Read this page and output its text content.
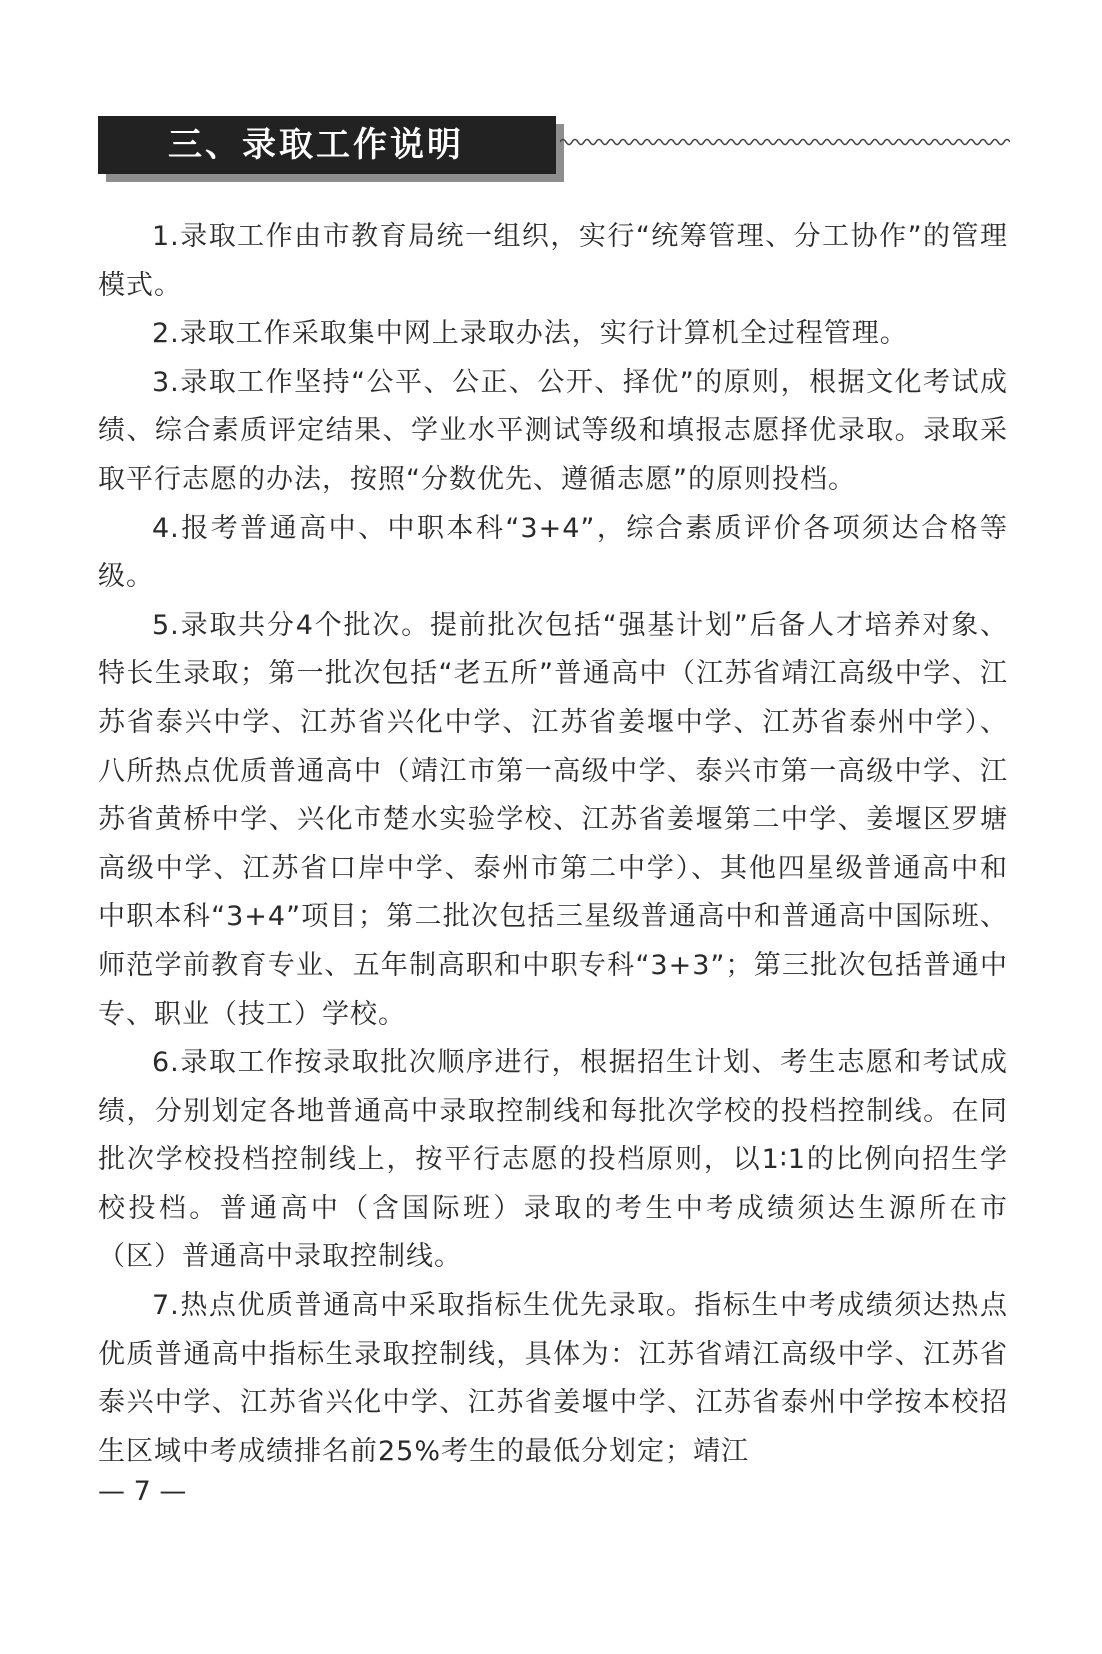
三、录取工作说明

1.录取工作由市教育局统一组织，实行“统筹管理、分工协作”的管理模式。

2.录取工作采取集中网上录取办法，实行计算机全过程管理。

3.录取工作坚持“公平、公正、公开、择优”的原则，根据文化考试成绩、综合素质评定结果、学业水平测试等级和填报志愿择优录取。录取采取平行志愿的办法，按照“分数优先、遵循志愿”的原则投档。

4.报考普通高中、中职本科“3+4”，综合素质评价各项须达合格等级。

5.录取共分4个批次。提前批次包括“强基计划”后备人才培养对象、特长生录取；第一批次包括“老五所”普通高中（江苏省靖江高级中学、江苏省泰兴中学、江苏省兴化中学、江苏省姜堰中学、江苏省泰州中学）、八所热点优质普通高中（靖江市第一高级中学、泰兴市第一高级中学、江苏省黄桥中学、兴化市楚水实验学校、江苏省姜堰第二中学、姜堰区罗塘高级中学、江苏省口岸中学、泰州市第二中学）、其他四星级普通高中和中职本科“3+4”项目；第二批次包括三星级普通高中和普通高中国际班、师范学前教育专业、五年制高职和中职专科“3+3”；第三批次包括普通中专、职业（技工）学校。

6.录取工作按录取批次顺序进行，根据招生计划、考生志愿和考试成绩，分别划定各地普通高中录取控制线和每批次学校的投档控制线。在同批次学校投档控制线上，按平行志愿的投档原则，以1∶1的比例向招生学校投档。普通高中（含国际班）录取的考生中考成绩须达生源所在市（区）普通高中录取控制线。

7.热点优质普通高中采取指标生优先录取。指标生中考成绩须达热点优质普通高中指标生录取控制线，具体为：江苏省靖江高级中学、江苏省泰兴中学、江苏省兴化中学、江苏省姜堰中学、江苏省泰州中学按本校招生区域中考成绩排名前25%考生的最低分划定；靖江

— 7 —
